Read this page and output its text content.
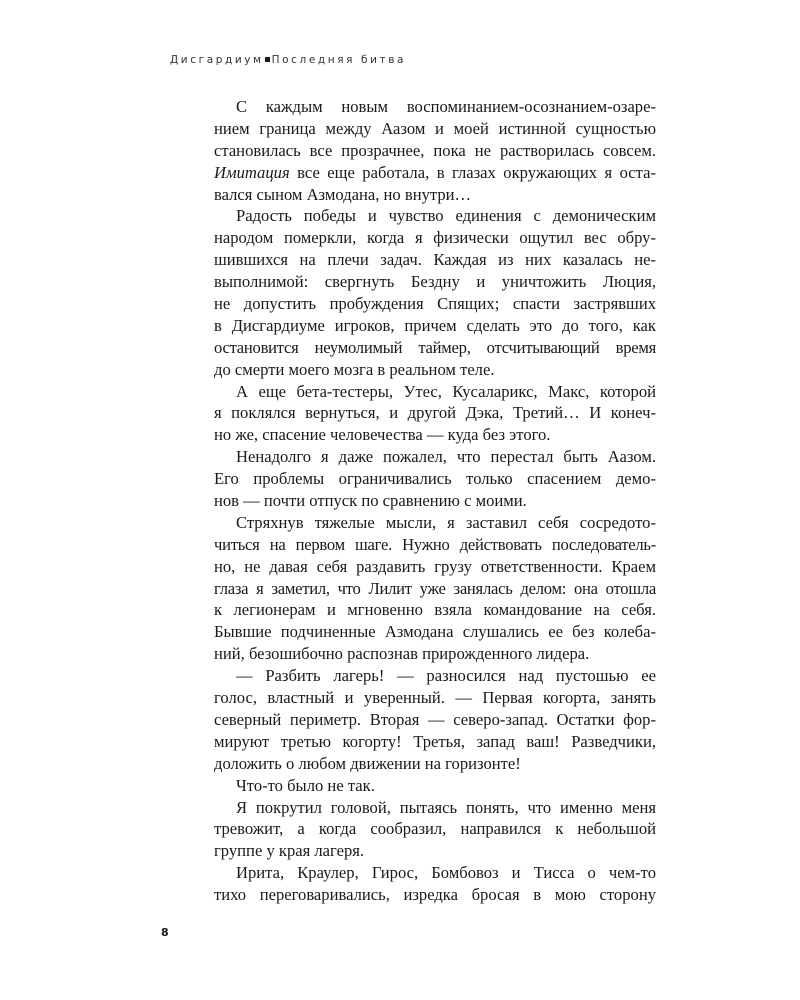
Дисгардиум Последняя битва
С каждым новым воспоминанием-осознанием-озаре-
нием граница между Аазом и моей истинной сущностью
становилась все прозрачнее, пока не растворилась совсем.
Имитация все еще работала, в глазах окружающих я оста-
вался сыном Азмодана, но внутри…
Радость победы и чувство единения с демоническим
народом померкли, когда я физически ощутил вес обру-
шившихся на плечи задач. Каждая из них казалась не-
выполнимой: свергнуть Бездну и уничтожить Люция,
не допустить пробуждения Спящих; спасти застрявших
в Дисгардиуме игроков, причем сделать это до того, как
остановится неумолимый таймер, отсчитывающий время
до смерти моего мозга в реальном теле.
А еще бета-тестеры, Утес, Кусаларикс, Макс, которой
я поклялся вернуться, и другой Дэка, Третий… И конеч-
но же, спасение человечества — куда без этого.
Ненадолго я даже пожалел, что перестал быть Аазом.
Его проблемы ограничивались только спасением демо-
нов — почти отпуск по сравнению с моими.
Стряхнув тяжелые мысли, я заставил себя сосредото-
читься на первом шаге. Нужно действовать последователь-
но, не давая себя раздавить грузу ответственности. Краем
глаза я заметил, что Лилит уже занялась делом: она отошла
к легионерам и мгновенно взяла командование на себя.
Бывшие подчиненные Азмодана слушались ее без колеба-
ний, безошибочно распознав прирожденного лидера.
— Разбить лагерь! — разносился над пустошью ее
голос, властный и уверенный. — Первая когорта, занять
северный периметр. Вторая — северо-запад. Остатки фор-
мируют третью когорту! Третья, запад ваш! Разведчики,
доложить о любом движении на горизонте!
Что-то было не так.
Я покрутил головой, пытаясь понять, что именно меня
тревожит, а когда сообразил, направился к небольшой
группе у края лагеря.
Ирита, Краулер, Гирос, Бомбовоз и Тисса о чем-то
тихо переговаривались, изредка бросая в мою сторону
8
